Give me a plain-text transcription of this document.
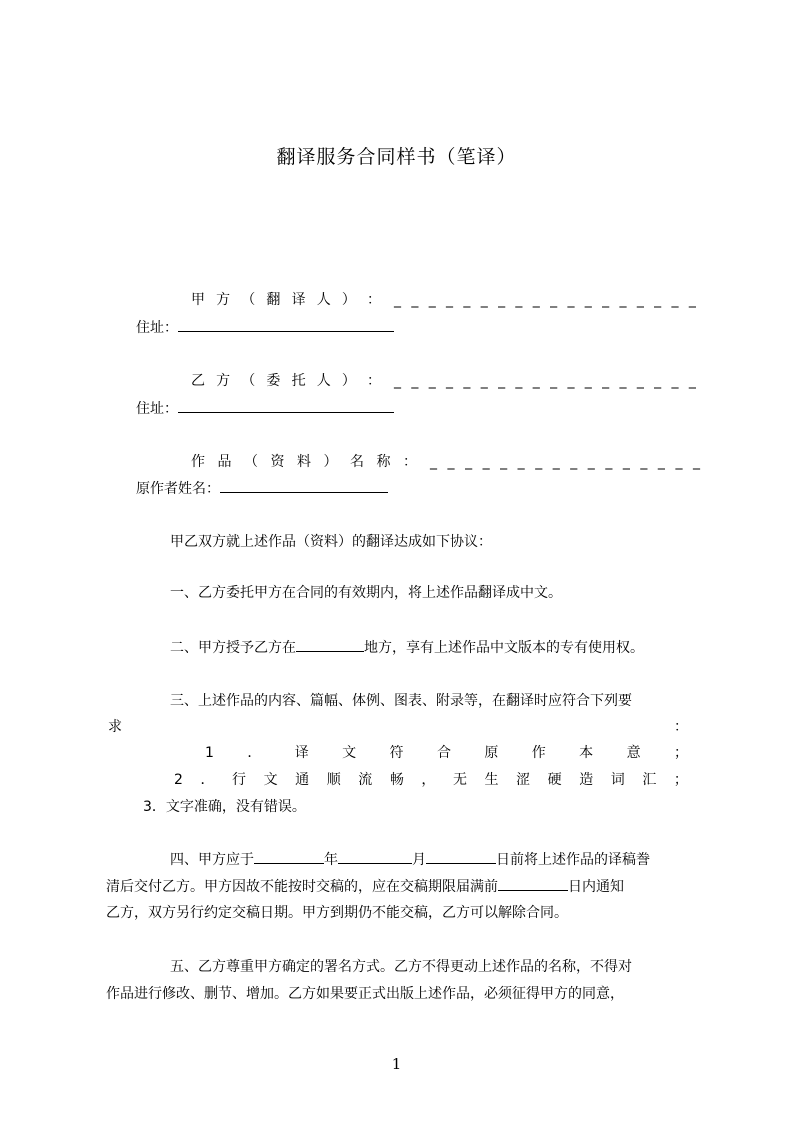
翻译服务合同样书（笔译）
甲 方 （ 翻 译 人 ） ： _ _ _ _ _ _ _ _ _ _ _ _ _ _ _ _ _ _
住址：
乙 方 （ 委 托 人 ） ： _ _ _ _ _ _ _ _ _ _ _ _ _ _ _ _ _ _
住址：
作 品 （ 资 料 ） 名 称 ： _ _ _ _ _ _ _ _ _ _ _ _ _ _ _ _
原作者姓名：
甲乙双方就上述作品（资料）的翻译达成如下协议：
一、乙方委托甲方在合同的有效期内，将上述作品翻译成中文。
二、甲方授予乙方在	地方，享有上述作品中文版本的专有使用权。
三、上述作品的内容、篇幅、体例、图表、附录等，在翻译时应符合下列要
求	：
1 ． 译 文 符 合 原 作 本 意 ；
2 ． 行 文 通 顺 流 畅 ， 无 生 涩 硬 造 词 汇 ；
3．文字准确，没有错误。
四、甲方应于	年	月	日前将上述作品的译稿誊
清后交付乙方。甲方因故不能按时交稿的，应在交稿期限届满前	日内通知
乙方，双方另行约定交稿日期。甲方到期仍不能交稿，乙方可以解除合同。
五、乙方尊重甲方确定的署名方式。乙方不得更动上述作品的名称，不得对
作品进行修改、删节、增加。乙方如果要正式出版上述作品，必须征得甲方的同意，
1
